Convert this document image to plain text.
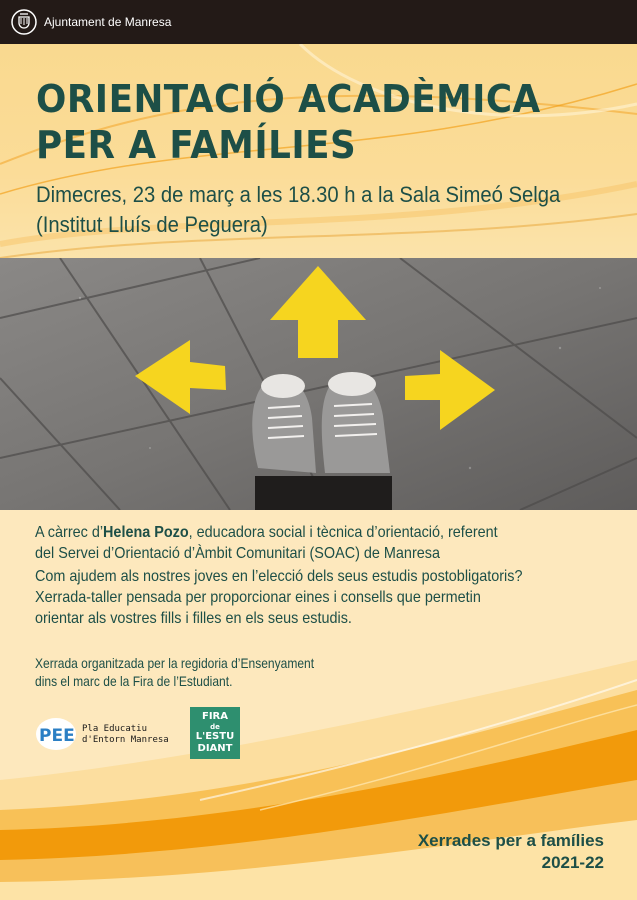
Ajuntament de Manresa
ORIENTACIÓ ACADÈMICA
PER A FAMÍLIES
Dimecres, 23 de març a les 18.30 h a la Sala Simeó Selga
(Institut Lluís de Peguera)
A càrrec d’Helena Pozo, educadora social i tècnica d’orientació, referent
del Servei d’Orientació d’Àmbit Comunitari (SOAC) de Manresa
Com ajudem als nostres joves en l’elecció dels seus estudis postobligatoris?
Xerrada-taller pensada per proporcionar eines i consells que permetin
orientar als vostres fills i filles en els seus estudis.
Xerrada organitzada per la regidoria d’Ensenyament
dins el marc de la Fira de l’Estudiant.
PEE Pla Educatiu
d'Entorn Manresa
FIRA
de
L'ESTU
DIANT
Xerrades per a famílies
2021-22
